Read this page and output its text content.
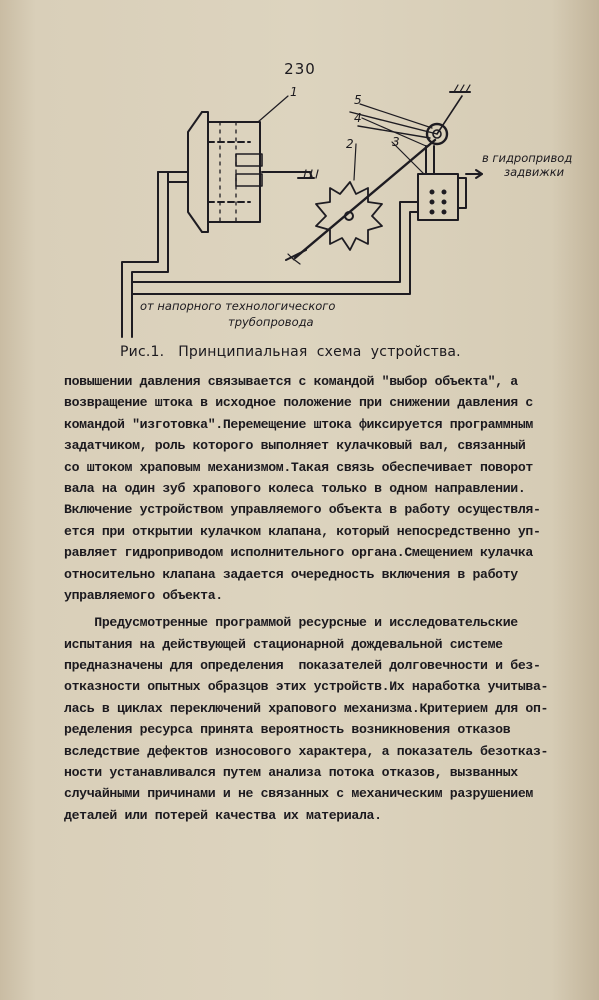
230
1
2	3
4
5
в гидропривод
задвижки
от напорного технологического
трубопровода
Рис.1.   Принципиальная  схема  устройства.
повышении давления связывается с командой "выбор объекта", а
возвращение штока в исходное положение при снижении давления с
командой "изготовка".Перемещение штока фиксируется программным
задатчиком, роль которого выполняет кулачковый вал, связанный
со штоком храповым механизмом.Такая связь обеспечивает поворот
вала на один зуб храпового колеса только в одном направлении.
Включение устройством управляемого объекта в работу осуществля-
ется при открытии кулачком клапана, который непосредственно уп-
равляет гидроприводом исполнительного органа.Смещением кулачка
относительно клапана задается очередность включения в работу
управляемого объекта.
Предусмотренные программой ресурсные и исследовательские
испытания на действующей стационарной дождевальной системе
предназначены для определения  показателей долговечности и без-
отказности опытных образцов этих устройств.Их наработка учитыва-
лась в циклах переключений храпового механизма.Критерием для оп-
ределения ресурса принята вероятность возникновения отказов
вследствие дефектов износового характера, а показатель безотказ-
ности устанавливался путем анализа потока отказов, вызванных
случайными причинами и не связанных с механическим разрушением
деталей или потерей качества их материала.
